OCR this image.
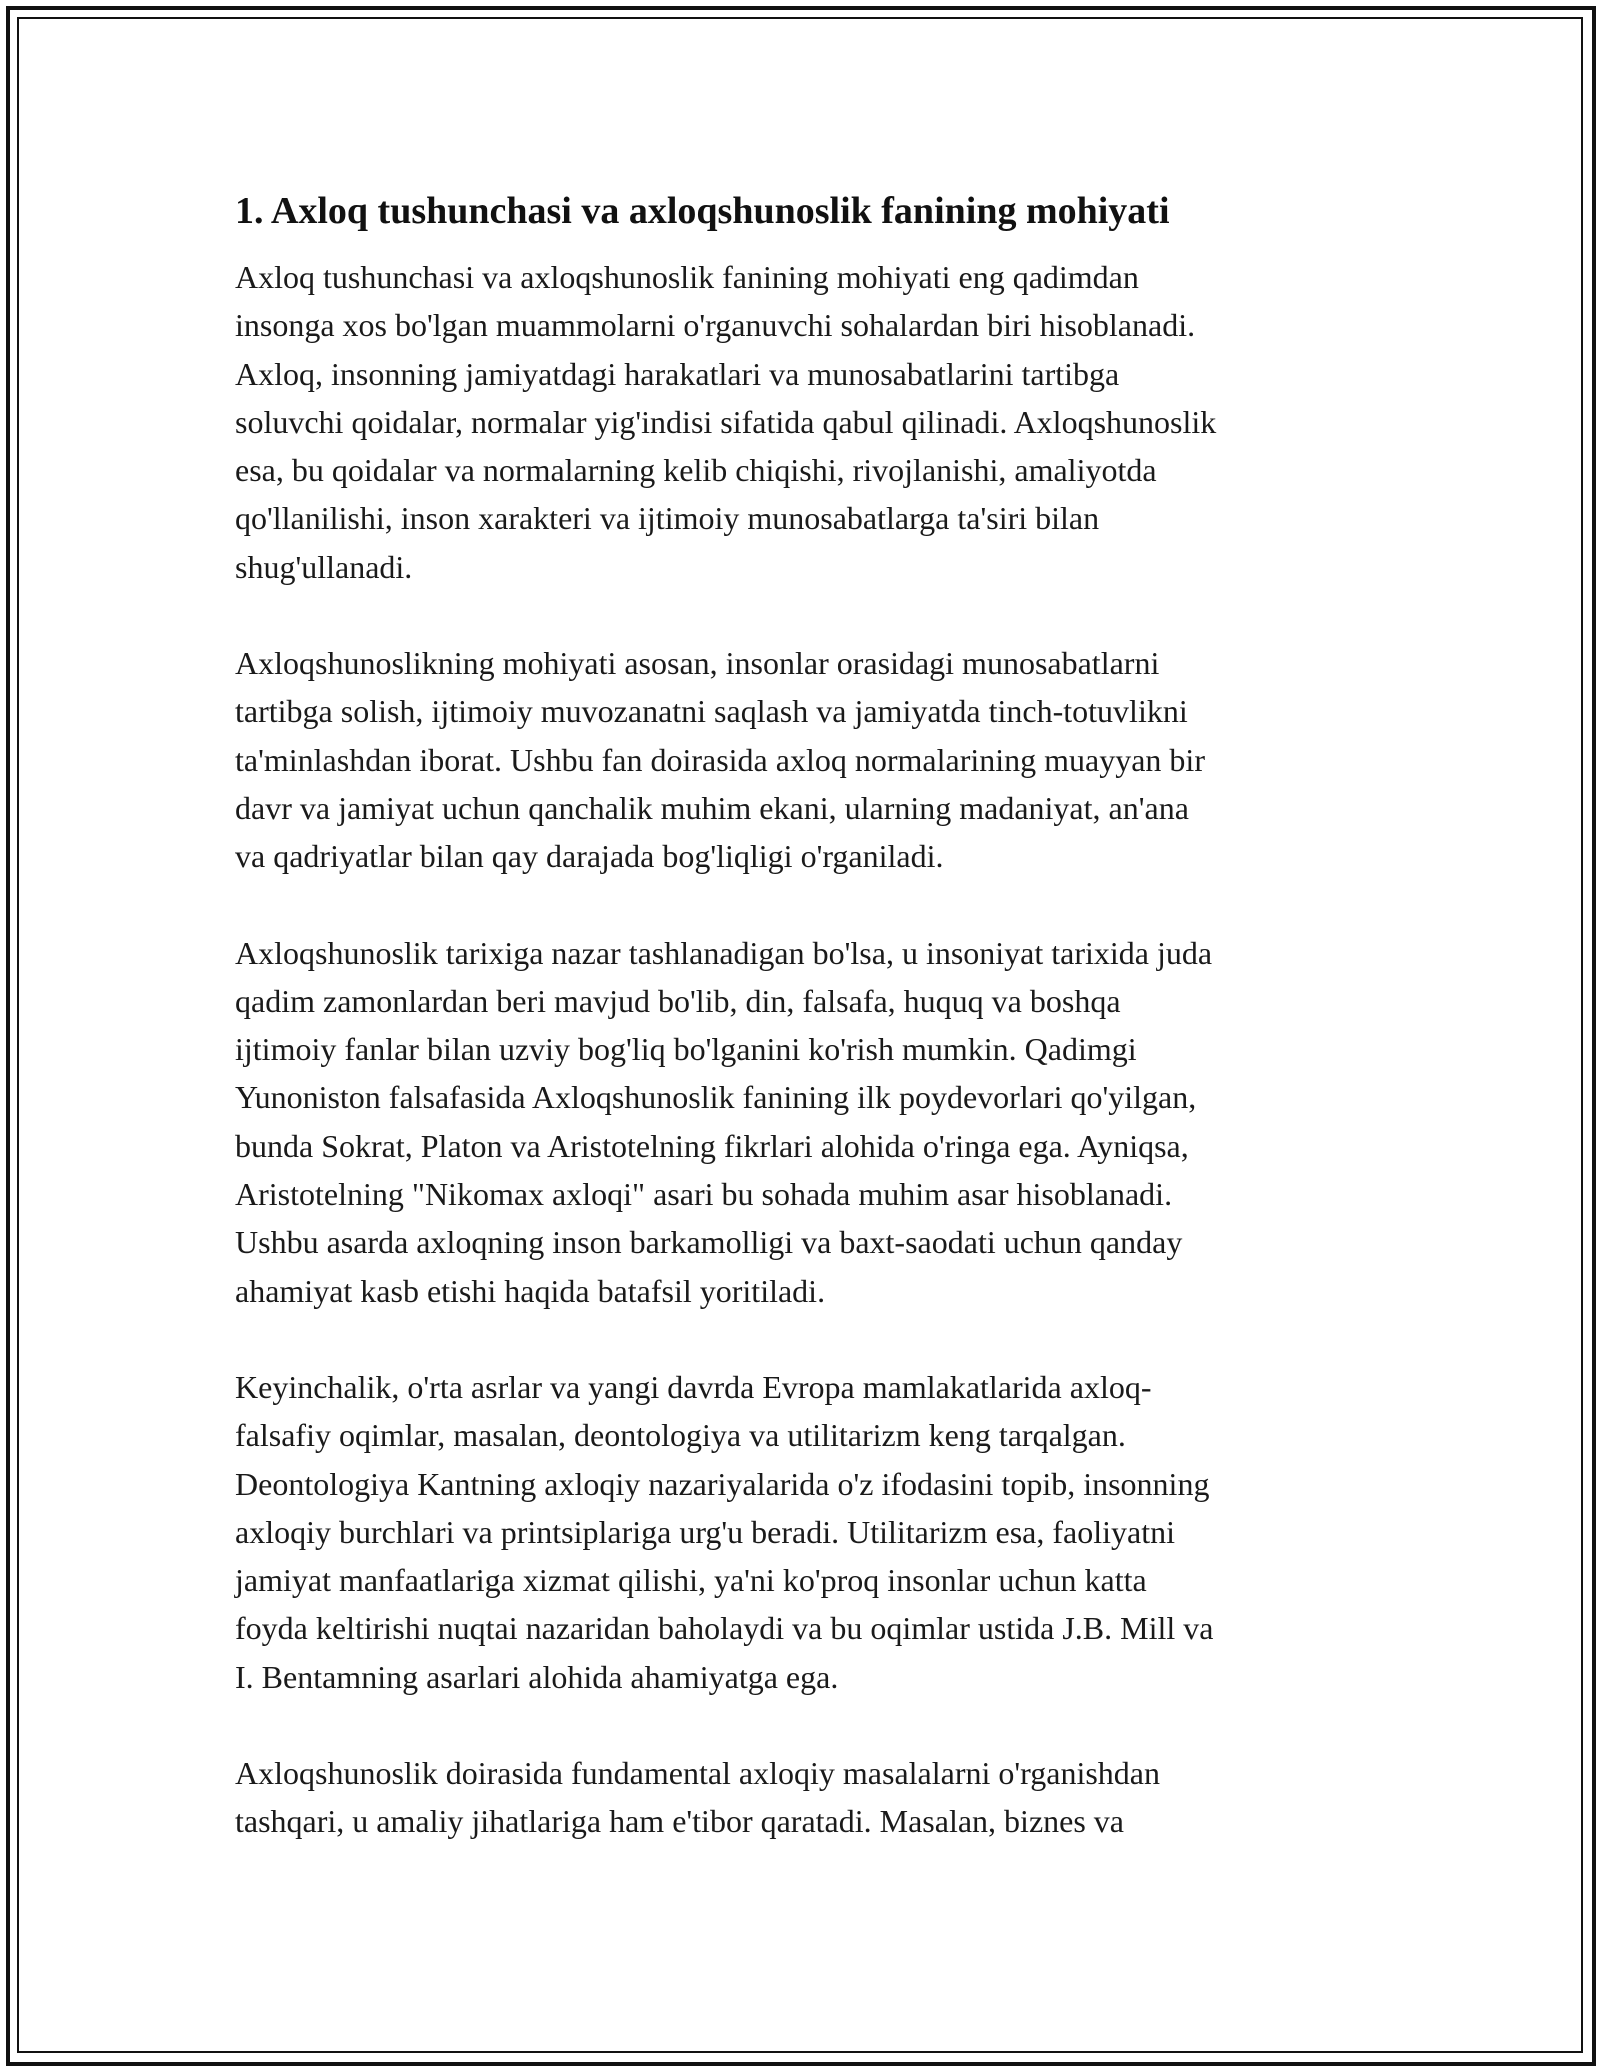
1. Axloq tushunchasi va axloqshunoslik fanining mohiyati

Axloq tushunchasi va axloqshunoslik fanining mohiyati eng qadimdan
insonga xos bo'lgan muammolarni o'rganuvchi sohalardan biri hisoblanadi.
Axloq, insonning jamiyatdagi harakatlari va munosabatlarini tartibga
soluvchi qoidalar, normalar yig'indisi sifatida qabul qilinadi. Axloqshunoslik
esa, bu qoidalar va normalarning kelib chiqishi, rivojlanishi, amaliyotda
qo'llanilishi, inson xarakteri va ijtimoiy munosabatlarga ta'siri bilan
shug'ullanadi.

Axloqshunoslikning mohiyati asosan, insonlar orasidagi munosabatlarni
tartibga solish, ijtimoiy muvozanatni saqlash va jamiyatda tinch-totuvlikni
ta'minlashdan iborat. Ushbu fan doirasida axloq normalarining muayyan bir
davr va jamiyat uchun qanchalik muhim ekani, ularning madaniyat, an'ana
va qadriyatlar bilan qay darajada bog'liqligi o'rganiladi.

Axloqshunoslik tarixiga nazar tashlanadigan bo'lsa, u insoniyat tarixida juda
qadim zamonlardan beri mavjud bo'lib, din, falsafa, huquq va boshqa
ijtimoiy fanlar bilan uzviy bog'liq bo'lganini ko'rish mumkin. Qadimgi
Yunoniston falsafasida Axloqshunoslik fanining ilk poydevorlari qo'yilgan,
bunda Sokrat, Platon va Aristotelning fikrlari alohida o'ringa ega. Ayniqsa,
Aristotelning "Nikomax axloqi" asari bu sohada muhim asar hisoblanadi.
Ushbu asarda axloqning inson barkamolligi va baxt-saodati uchun qanday
ahamiyat kasb etishi haqida batafsil yoritiladi.

Keyinchalik, o'rta asrlar va yangi davrda Evropa mamlakatlarida axloq-
falsafiy oqimlar, masalan, deontologiya va utilitarizm keng tarqalgan.
Deontologiya Kantning axloqiy nazariyalarida o'z ifodasini topib, insonning
axloqiy burchlari va printsiplariga urg'u beradi. Utilitarizm esa, faoliyatni
jamiyat manfaatlariga xizmat qilishi, ya'ni ko'proq insonlar uchun katta
foyda keltirishi nuqtai nazaridan baholaydi va bu oqimlar ustida J.B. Mill va
I. Bentamning asarlari alohida ahamiyatga ega.

Axloqshunoslik doirasida fundamental axloqiy masalalarni o'rganishdan
tashqari, u amaliy jihatlariga ham e'tibor qaratadi. Masalan, biznes va
